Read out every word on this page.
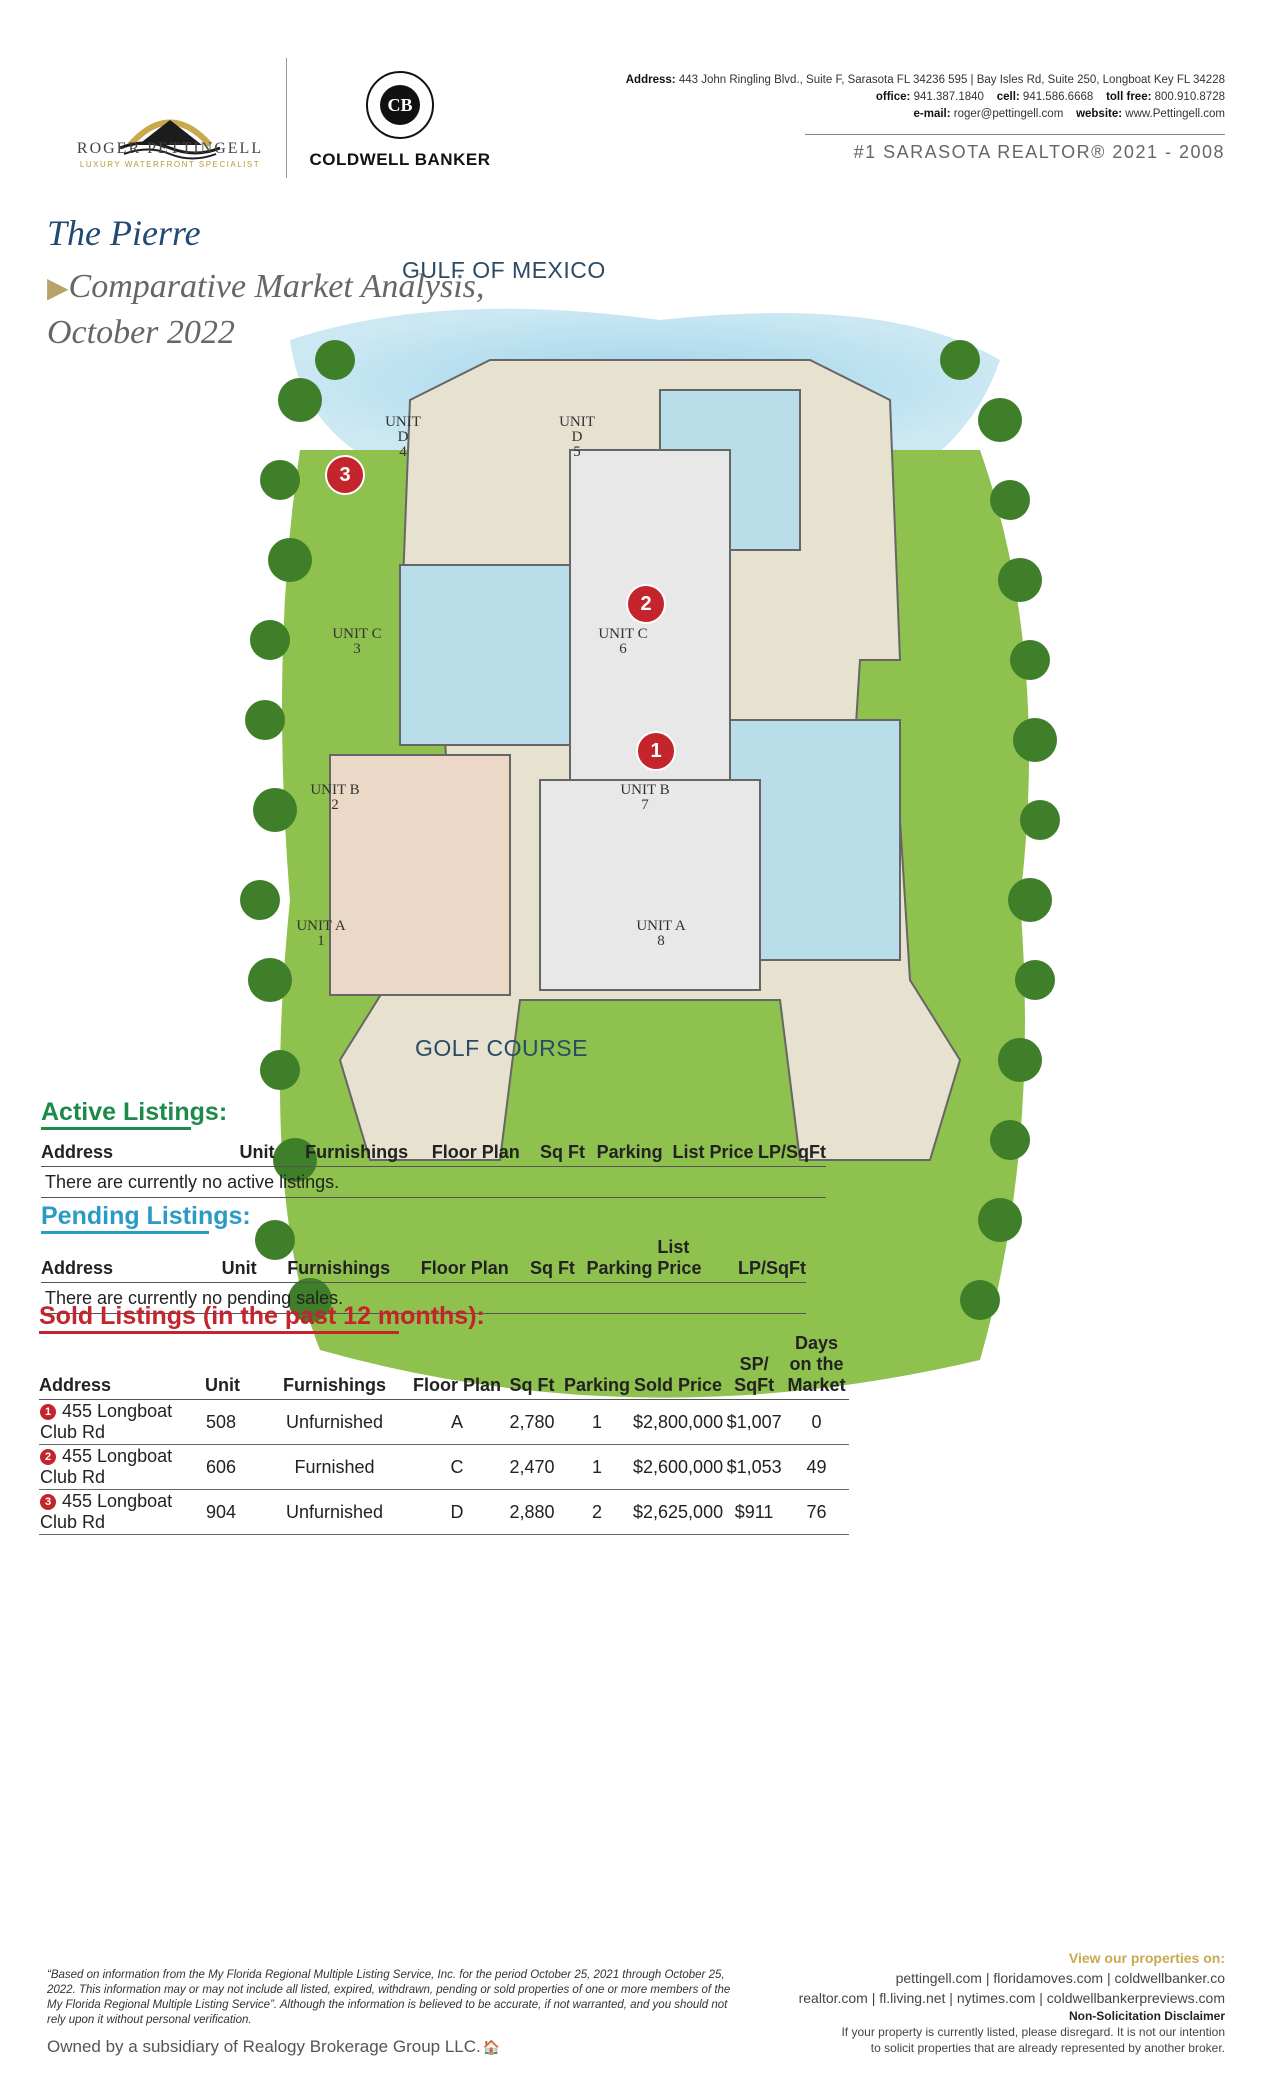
ROGER PETTINGELL
LUXURY WATERFRONT SPECIALIST
CB
COLDWELL BANKER
Address: 443 John Ringling Blvd., Suite F, Sarasota FL 34236 595 | Bay Isles Rd, Suite 250, Longboat Key FL 34228
office: 941.387.1840 cell: 941.586.6668 toll free: 800.910.8728
e-mail: roger@pettingell.com website: www.Pettingell.com
#1 SARASOTA REALTOR® 2021 - 2008
The Pierre
▶Comparative Market Analysis,
October 2022
GULF OF MEXICO
GOLF COURSE
UNIT D
4
UNIT D
5
UNIT C
3
UNIT C
6
UNIT B
2
UNIT B
7
UNIT A
1
UNIT A
8
1
2
3
Active Listings:
Address	Unit	Furnishings	Floor Plan	Sq Ft	Parking	List Price	LP/SqFt
There are currently no active listings.
Pending Listings:
Address	Unit	Furnishings	Floor Plan	Sq Ft	Parking	List Price	LP/SqFt
There are currently no pending sales.
Sold Listings (in the past 12 months):
Address	Unit	Furnishings	Floor Plan	Sq Ft	Parking	Sold Price	SP/ SqFt	Days on the Market
1 455 Longboat Club Rd	508	Unfurnished	A	2,780	1	$2,800,000	$1,007	0
2 455 Longboat Club Rd	606	Furnished	C	2,470	1	$2,600,000	$1,053	49
3 455 Longboat Club Rd	904	Unfurnished	D	2,880	2	$2,625,000	$911	76
“Based on information from the My Florida Regional Multiple Listing Service, Inc. for the period October 25, 2021 through October 25, 2022. This information may or may not include all listed, expired, withdrawn, pending or sold properties of one or more members of the My Florida Regional Multiple Listing Service”. Although the information is believed to be accurate, if not warranted, and you should not rely upon it without personal verification.
Owned by a subsidiary of Realogy Brokerage Group LLC. 🏠
View our properties on:
pettingell.com | floridamoves.com | coldwellbanker.co
realtor.com | fl.living.net | nytimes.com | coldwellbankerpreviews.com
Non-Solicitation Disclaimer
If your property is currently listed, please disregard. It is not our intention
to solicit properties that are already represented by another broker.
